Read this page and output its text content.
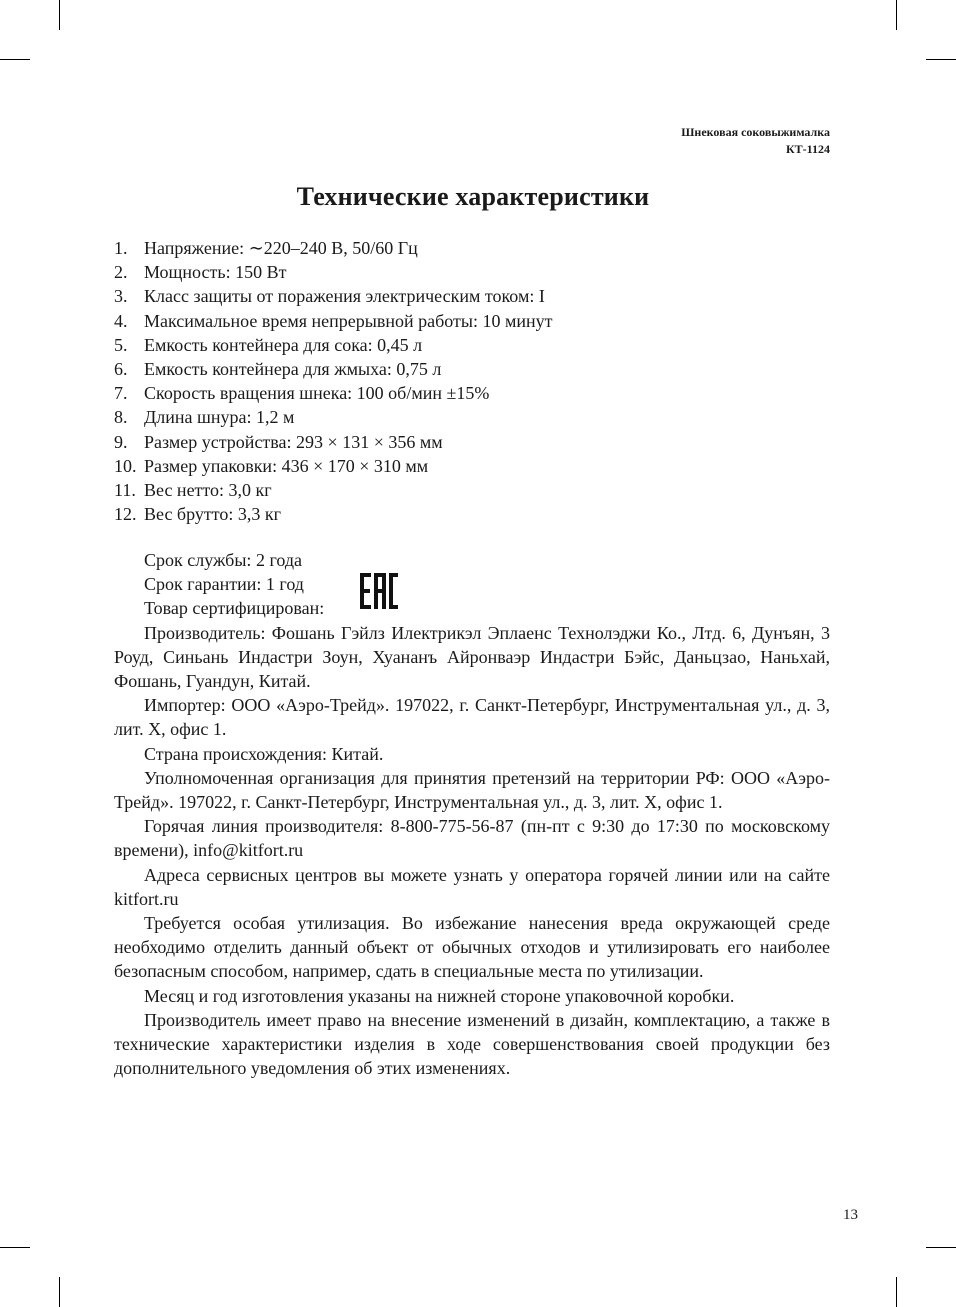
Шнековая соковыжималка
КТ-1124
Технические характеристики
1. Напряжение: ∼220–240 В, 50/60 Гц
2. Мощность: 150 Вт
3. Класс защиты от поражения электрическим током: I
4. Максимальное время непрерывной работы: 10 минут
5. Емкость контейнера для сока: 0,45 л
6. Емкость контейнера для жмыха: 0,75 л
7. Скорость вращения шнека: 100 об/мин ±15%
8. Длина шнура: 1,2 м
9. Размер устройства: 293 × 131 × 356 мм
10. Размер упаковки: 436 × 170 × 310 мм
11. Вес нетто: 3,0 кг
12. Вес брутто: 3,3 кг

Срок службы: 2 года

Срок гарантии: 1 год

Товар сертифицирован:

Производитель: Фошань Гэйлз Илектрикэл Эплаенс Технолэджи Ко., Лтд. 6, Дунъян, 3 Роуд, Синьань Индастри Зоун, Хуананъ Айронваэр Индастри Бэйс, Даньцзао, Наньхай, Фошань, Гуандун, Китай.

Импортер: ООО «Аэро-Трейд». 197022, г. Санкт-Петербург, Инструментальная ул., д. 3, лит. Х, офис 1.

Страна происхождения: Китай.

Уполномоченная организация для принятия претензий на территории РФ: ООО «Аэро-Трейд». 197022, г. Санкт-Петербург, Инструментальная ул., д. 3, лит. Х, офис 1.

Горячая линия производителя: 8-800-775-56-87 (пн-пт с 9:30 до 17:30 по московскому времени), info@kitfort.ru

Адреса сервисных центров вы можете узнать у оператора горячей линии или на сайте kitfort.ru

Требуется особая утилизация. Во избежание нанесения вреда окружающей среде необходимо отделить данный объект от обычных отходов и утилизировать его наиболее безопасным способом, например, сдать в специальные места по утилизации.

Месяц и год изготовления указаны на нижней стороне упаковочной коробки.

Производитель имеет право на внесение изменений в дизайн, комплектацию, а также в технические характеристики изделия в ходе совершенствования своей продукции без дополнительного уведомления об этих изменениях.

13
